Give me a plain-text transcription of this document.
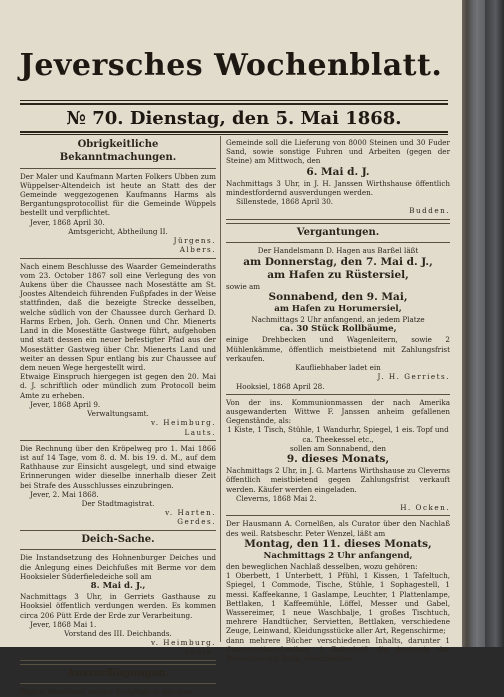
Jeversches Wochenblatt.
№ 70. Dienstag, den 5. Mai 1868.
Obrigkeitliche Bekanntmachungen.

Der Maler und Kaufmann Marten Folkers Ubben zum Wüppelser-Altendeich ist heute an Statt des der Gemeinde weggezogenen Kaufmanns Harms als Bergantungsprotocollist für die Gemeinde Wüppels bestellt und verpflichtet.

Jever, 1868 April 30.

Amtsgericht, Abtheilung II.

Jürgens.

Albers.

Nach einem Beschlusse des Waarder Gemeinderaths vom 23. October 1867 soll eine Verlegung des von Aukens über die Chaussee nach Mosestätte am St. Joostes Altendeich führenden Fußpfades in der Weise stattfinden, daß die bezeigte Strecke desselben, welche südlich von der Chaussee durch Gerhard D. Harms Erben, Joh. Gerh. Onnen und Chr. Mienerts Land in die Mosestätte Gastwege führt, aufgehoben und statt dessen ein neuer befestigter Pfad aus der Mosestätter Gastweg über Chr. Mienerts Land und weiter an dessen Spur entlang bis zur Chaussee auf dem neuen Wege hergestellt wird.

Etwaige Einspruch hiergegen ist gegen den 20. Mai d. J. schriftlich oder mündlich zum Protocoll beim Amte zu erheben.

Jever, 1868 April 9.

Verwaltungsamt.

v. Heimburg.

Lauts.

Die Rechnung über den Kröpelweg pro 1. Mai 1866 ist auf 14 Tage, vom 8. d. M. bis 19. d. M., auf dem Rathhause zur Einsicht ausgelegt, und sind etwaige Erinnerungen wider dieselbe innerhalb dieser Zeit bei Strafe des Ausschlusses einzubringen.

Jever, 2. Mai 1868.

Der Stadtmagistrat.

v. Harten.

Gerdes.

Deich-Sache.

Die Instandsetzung des Hohnenburger Deiches und die Anlegung eines Deichfußes mit Berme vor dem Hooksieler Süderfieledeiche soll am

8. Mai d. J.,

Nachmittags 3 Uhr, in Gerriets Gasthause zu Hooksiel öffentlich verdungen werden. Es kommen circa 206 Pütt Erde der Erde zur Verarbeitung.

Jever, 1868 Mai 1.

Vorstand des III. Deichbands.

v. Heimburg.

Lauts.

Ausverdingungen.

Wegen Bestellung einiger Fußpfade in der hies.

Gemeinde soll die Lieferung von 8000 Steinen und 30 Fuder Sand, sowie sonstige Fuhren und Arbeiten (gegen der Steine) am Mittwoch, den

6. Mai d. J.

Nachmittags 3 Uhr, in J. H. Janssen Wirthshause öffentlich mindestfordernd ausverdungen werden.

Sillenstede, 1868 April 30.

Budden.

Vergantungen.

Der Handelsmann D. Hagen aus Barßel läßt

am Donnerstag, den 7. Mai d. J.,

am Hafen zu Rüstersiel,

sowie am

Sonnabend, den 9. Mai,

am Hafen zu Horumersiel,

Nachmittags 2 Uhr anfangend, an jedem Platze

ca. 30 Stück Rollbäume,

einige Drehbecken und Wagenleitern, sowie 2 Mühlenkämme, öffentlich meistbietend mit Zahlungsfrist verkaufen.

Kaufliebhaber ladet ein

J. H. Gerriets.

Hooksiel, 1868 April 28.

Von der ins. Kommunionmassen der nach Amerika ausgewanderten Wittwe F. Janssen anheim gefallenen Gegenstände, als:

1 Kiste, 1 Tisch, Stühle, 1 Wandurhr, Spiegel, 1 eis. Topf und ca. Theekessel etc.,

sollen am Sonnabend, den

9. dieses Monats,

Nachmittags 2 Uhr, in J. G. Martens Wirthshause zu Cleverns öffentlich meistbietend gegen Zahlungsfrist verkauft werden. Käufer werden eingeladen.

Cleverns, 1868 Mai 2.

H. Ocken.

Der Hausmann A. Cornelßen, als Curator über den Nachlaß des weil. Ratsbeschr. Peter Wenzel, läßt am

Montag, den 11. dieses Monats,

Nachmittags 2 Uhr anfangend,

den beweglichen Nachlaß desselben, wozu gehören:

1 Oberbett, 1 Unterbett, 1 Pfühl, 1 Kissen, 1 Tafeltuch, Spiegel, 1 Commode, Tische, Stühle, 1 Sophagestell, 1 messi. Kaffeekanne, 1 Gaslampe, Leuchter, 1 Plattenlampe, Bettlaken, 1 Kaffeemühle, Löffel, Messer und Gabel, Wassereimer, 1 neue Waschbalje, 1 großes Tischtuch, mehrere Handtücher, Servietten, Bettlaken, verschiedene Zeuge, Leinwand, Kleidungsstücke aller Art, Regenschirme;

dann mehrere Bücher verschiedenen Inhalts, darunter 1 Conversations-Lexikon, 1 Zeitschrift die Anatomie der Menschen von Bock, verschiedene
